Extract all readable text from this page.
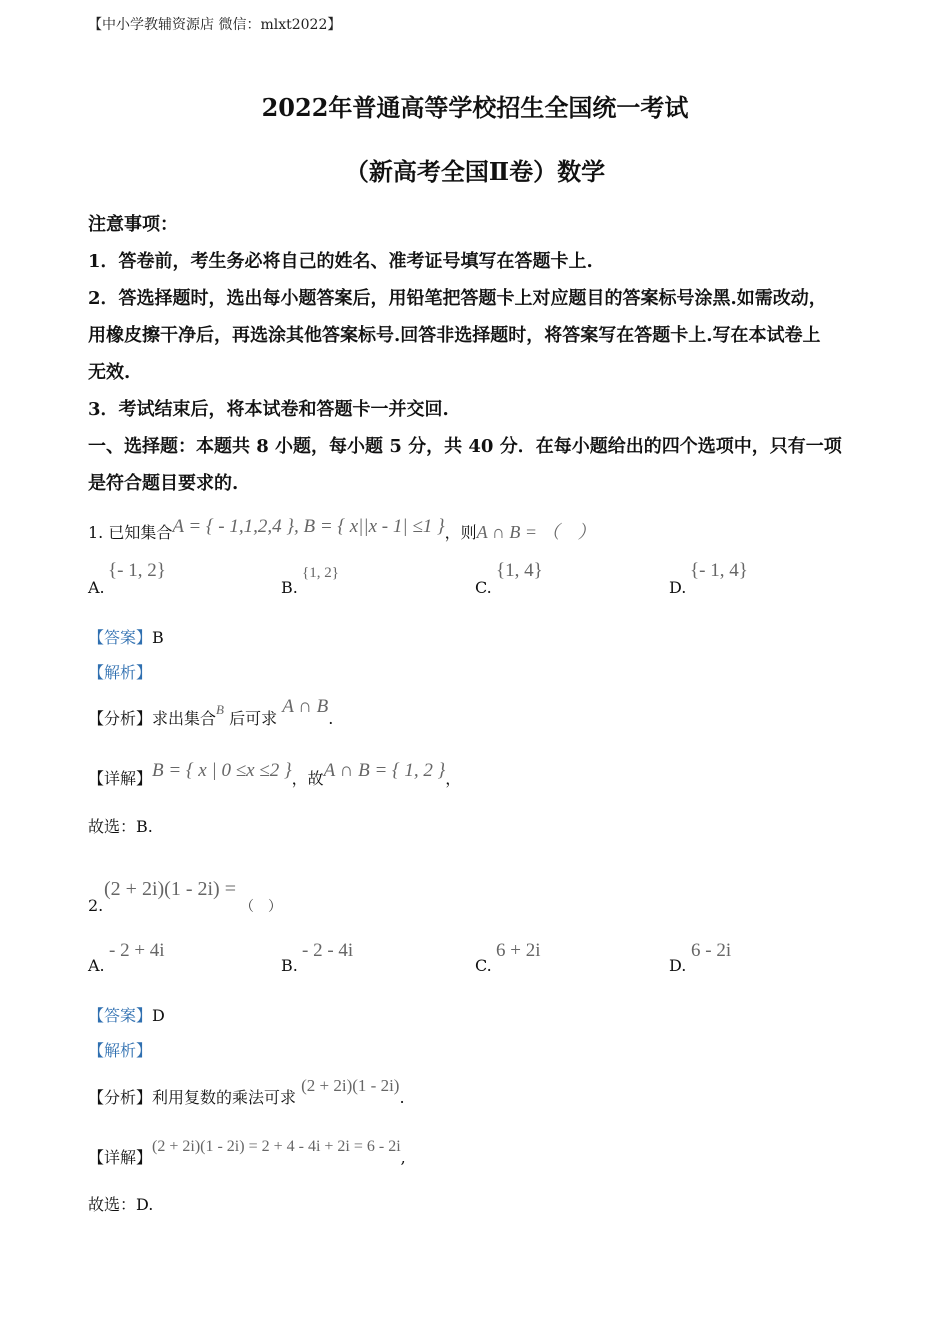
【中小学教辅资源店 微信：mlxt2022】
2022年普通高等学校招生全国统一考试
（新高考全国Ⅱ卷）数学
注意事项：
1．答卷前，考生务必将自己的姓名、准考证号填写在答题卡上.
2．答选择题时，选出每小题答案后，用铅笔把答题卡上对应题目的答案标号涂黑.如需改动，
用橡皮擦干净后，再选涂其他答案标号.回答非选择题时，将答案写在答题卡上.写在本试卷上
无效.
3．考试结束后，将本试卷和答题卡一并交回.
一、选择题：本题共 8 小题，每小题 5 分，共 40 分．在每小题给出的四个选项中，只有一项
是符合题目要求的.
1. 已知集合A = { - 1,1,2,4 }, B = { x||x - 1| ≤1 }，则A ∩ B = （　）
A.
{- 1, 2}
B.
{1, 2}
C.
{1, 4}
D.
{- 1, 4}
【答案】B
【解析】
【分析】求出集合$^B$ 后可求 A ∩ B.
【详解】B = { x | 0 ≤x ≤2 }，故A ∩ B = { 1, 2 }，
故选：B.
2.
(2 + 2i)(1 - 2i) =
（　）
A.
- 2 + 4i
B.
- 2 - 4i
C.
6 + 2i
D.
6 - 2i
【答案】D
【解析】
【分析】利用复数的乘法可求 (2 + 2i)(1 - 2i).
【详解】(2 + 2i)(1 - 2i) = 2 + 4 - 4i + 2i = 6 - 2i,
故选：D.
